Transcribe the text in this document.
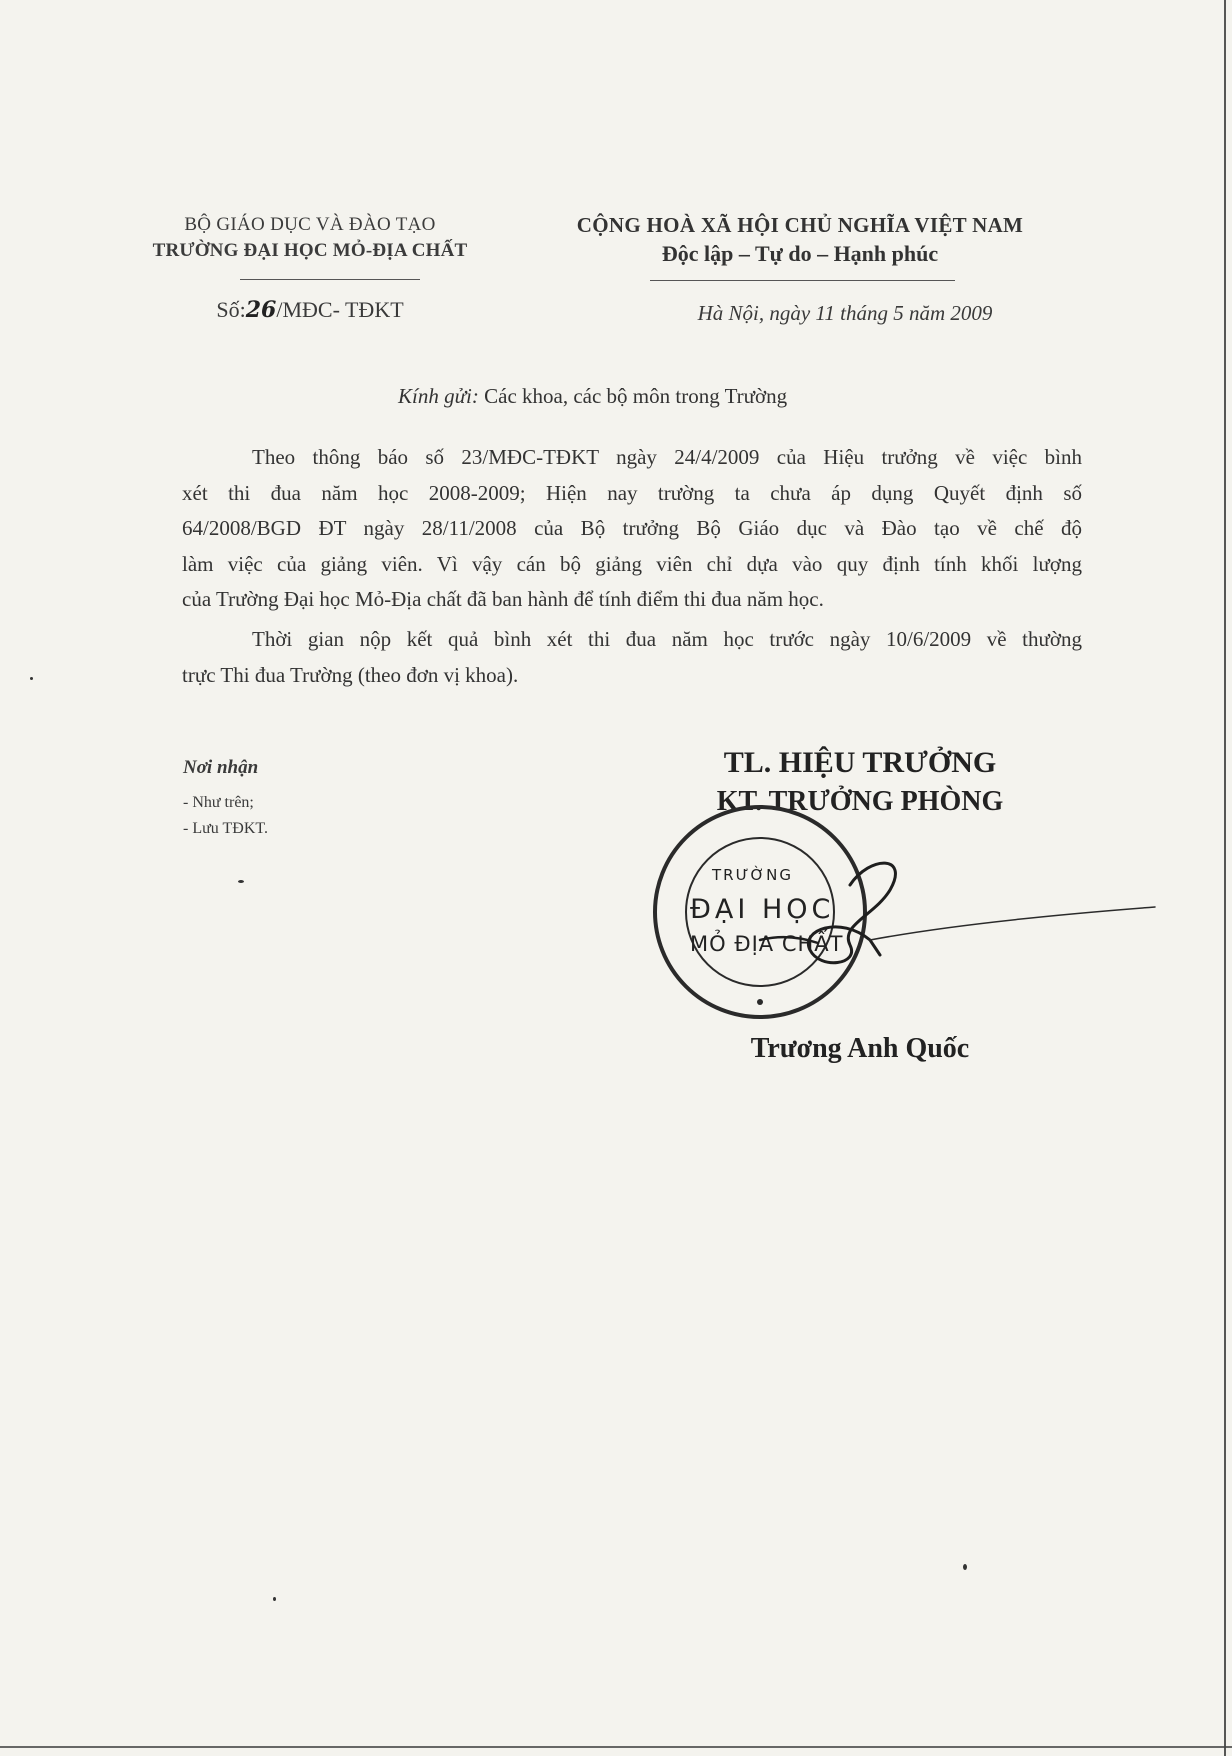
BỘ GIÁO DỤC VÀ ĐÀO TẠO
TRƯỜNG ĐẠI HỌC MỎ-ĐỊA CHẤT
Số:26/MĐC- TĐKT
CỘNG HOÀ XÃ HỘI CHỦ NGHĨA VIỆT NAM
Độc lập – Tự do – Hạnh phúc
Hà Nội, ngày 11 tháng 5 năm 2009
Kính gửi: Các khoa, các bộ môn trong Trường
Theo thông báo số 23/MĐC-TĐKT ngày 24/4/2009 của Hiệu trưởng về việc bình
xét thi đua năm học 2008-2009; Hiện nay trường ta chưa áp dụng Quyết định số
64/2008/BGD ĐT ngày 28/11/2008 của Bộ trưởng Bộ Giáo dục và Đào tạo về chế độ
làm việc của giảng viên. Vì vậy cán bộ giảng viên chỉ dựa vào quy định tính khối lượng
của Trường Đại học Mỏ-Địa chất đã ban hành để tính điểm thi đua năm học.
Thời gian nộp kết quả bình xét thi đua năm học trước ngày 10/6/2009 về thường
trực Thi đua Trường (theo đơn vị khoa).
Nơi nhận
- Như trên;
- Lưu TĐKT.
TL. HIỆU TRƯỞNG
KT. TRƯỞNG PHÒNG
TRƯỜNG
ĐẠI HỌC
MỎ ĐỊA CHẤT
Trương Anh Quốc
